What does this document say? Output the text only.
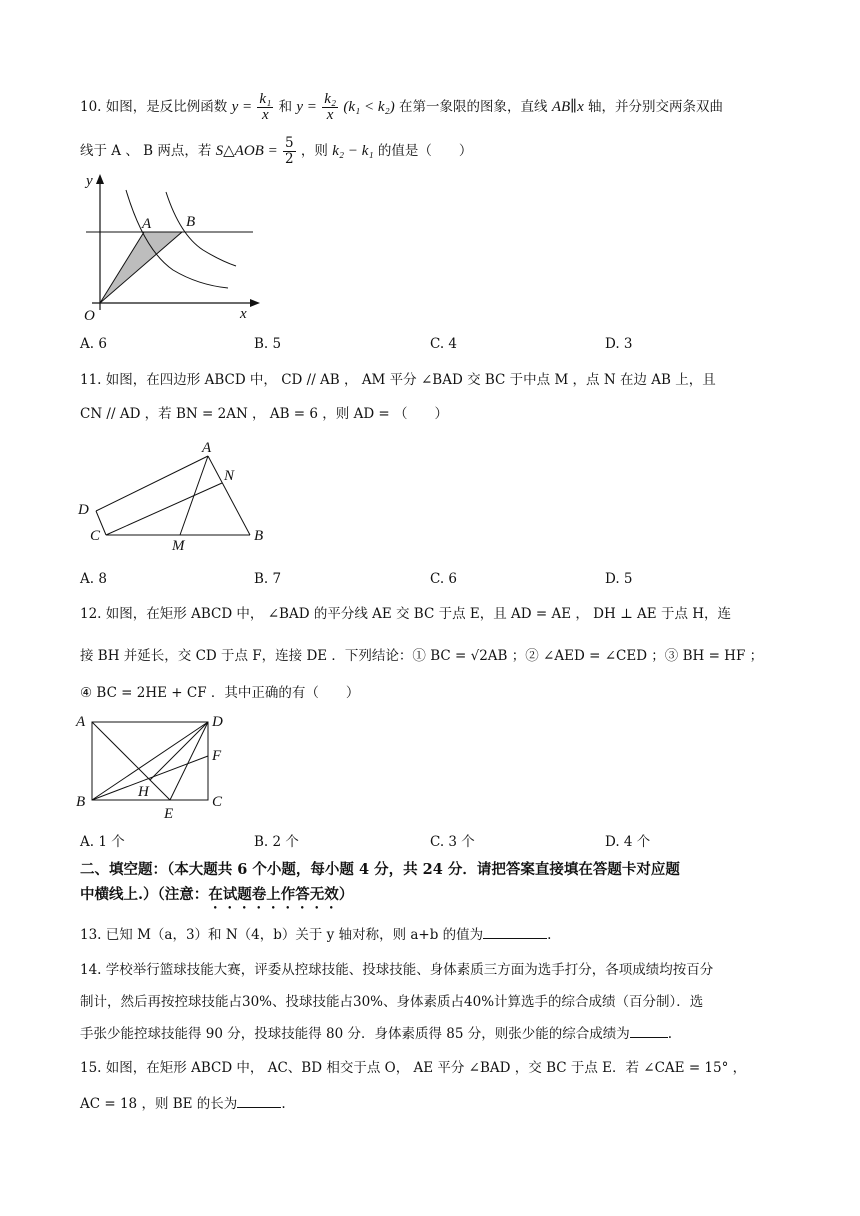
10. 如图，是反比例函数 $y = \frac{\text{k₁}}{x}$ 和 $y = \frac{\text{k₂}}{x} (k_1 < k_2)$ 在第一象限的图象，直线 AB∥x 轴，并分别交两条双曲
线于 A 、 B 两点，若 S△AOB = $\frac{5}{2}$ ，则 k₂ − k₁ 的值是（　　）
y
x
O
A B
A. 6	B. 5	C. 4	D. 3
11. 如图，在四边形 ABCD 中， CD // AB ， AM 平分 ∠BAD 交 BC 于中点 M ，点 N 在边 AB 上，且
CN // AD ，若 BN = 2AN ， AB = 6 ，则 AD = （　　）
A
N
D
C
M
B
A. 8	B. 7	C. 6	D. 5
12. 如图，在矩形 ABCD 中， ∠BAD 的平分线 AE 交 BC 于点 E，且 AD = AE ， DH ⊥ AE 于点 H，连
接 BH 并延长，交 CD 于点 F，连接 DE ．下列结论：① BC = √2AB ；② ∠AED = ∠CED ；③ BH = HF ；
④ BC = 2HE + CF ．其中正确的有（　　）
A	D
F
H
B
E
C
A. 1 个	B. 2 个	C. 3 个	D. 4 个
二、填空题：（本大题共 6 个小题，每小题 4 分，共 24 分．请把答案直接填在答题卡对应题
中横线上.）（注意：在试题卷上作答无效）
13. 已知 M（a，3）和 N（4，b）关于 y 轴对称，则 a+b 的值为	.
14. 学校举行篮球技能大赛，评委从控球技能、投球技能、身体素质三方面为选手打分，各项成绩均按百分
制计，然后再按控球技能占30%、投球技能占30%、身体素质占40%计算选手的综合成绩（百分制）．选
手张少能控球技能得 90 分，投球技能得 80 分．身体素质得 85 分，则张少能的综合成绩为	.
15. 如图，在矩形 ABCD 中， AC、BD 相交于点 O， AE 平分 ∠BAD ，交 BC 于点 E．若 ∠CAE = 15° ，
AC = 18 ，则 BE 的长为	.
